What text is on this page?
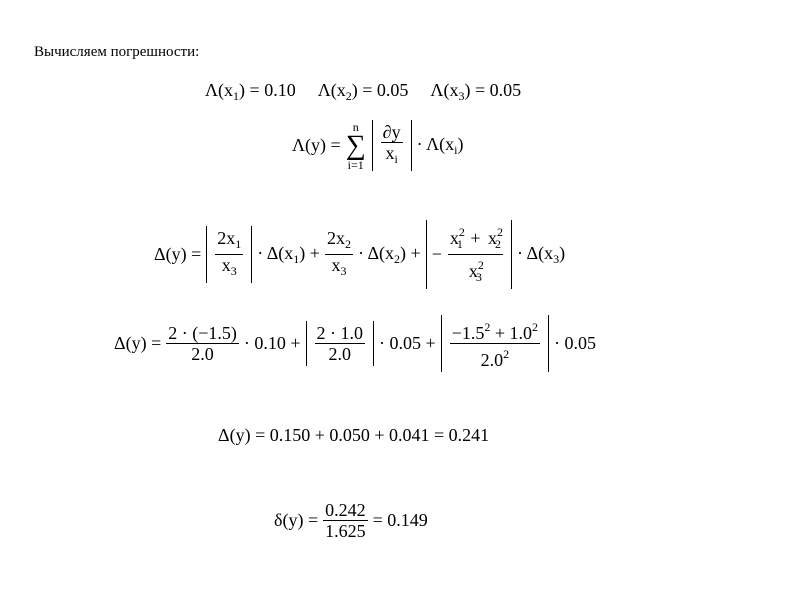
Вычисляем погрешности:
$\Lambda(x_1) = 0.10$ $\Lambda(x_2) = 0.05$ $\Lambda(x_3) = 0.05$
Λ(y) =
n
∑
i=1
∂y
$x_i$
· $\Lambda(x_i)$
Δ(y) =
$2x_1$
$x_3$
· $\Delta(x_1) + \frac{2x_2}{x_3} \cdot \Delta(x_2)$ + − $\frac{x^2_1 + x^2_2}{x^2_3} \cdot \Delta(x_3)$
$\Delta(y) = \frac{2 \cdot (-1.5)}{2.0} \cdot 0.10 + 2 \cdot 1.0$
2.0
· $0.05 + -1.5^2 + 1.0^2$
$2.0^2$
· 0.05
Δ(y) = 0.150 + 0.050 + 0.041 = 0.241
$\delta(y) = \frac{0.242}{1.625} = 0.149$
